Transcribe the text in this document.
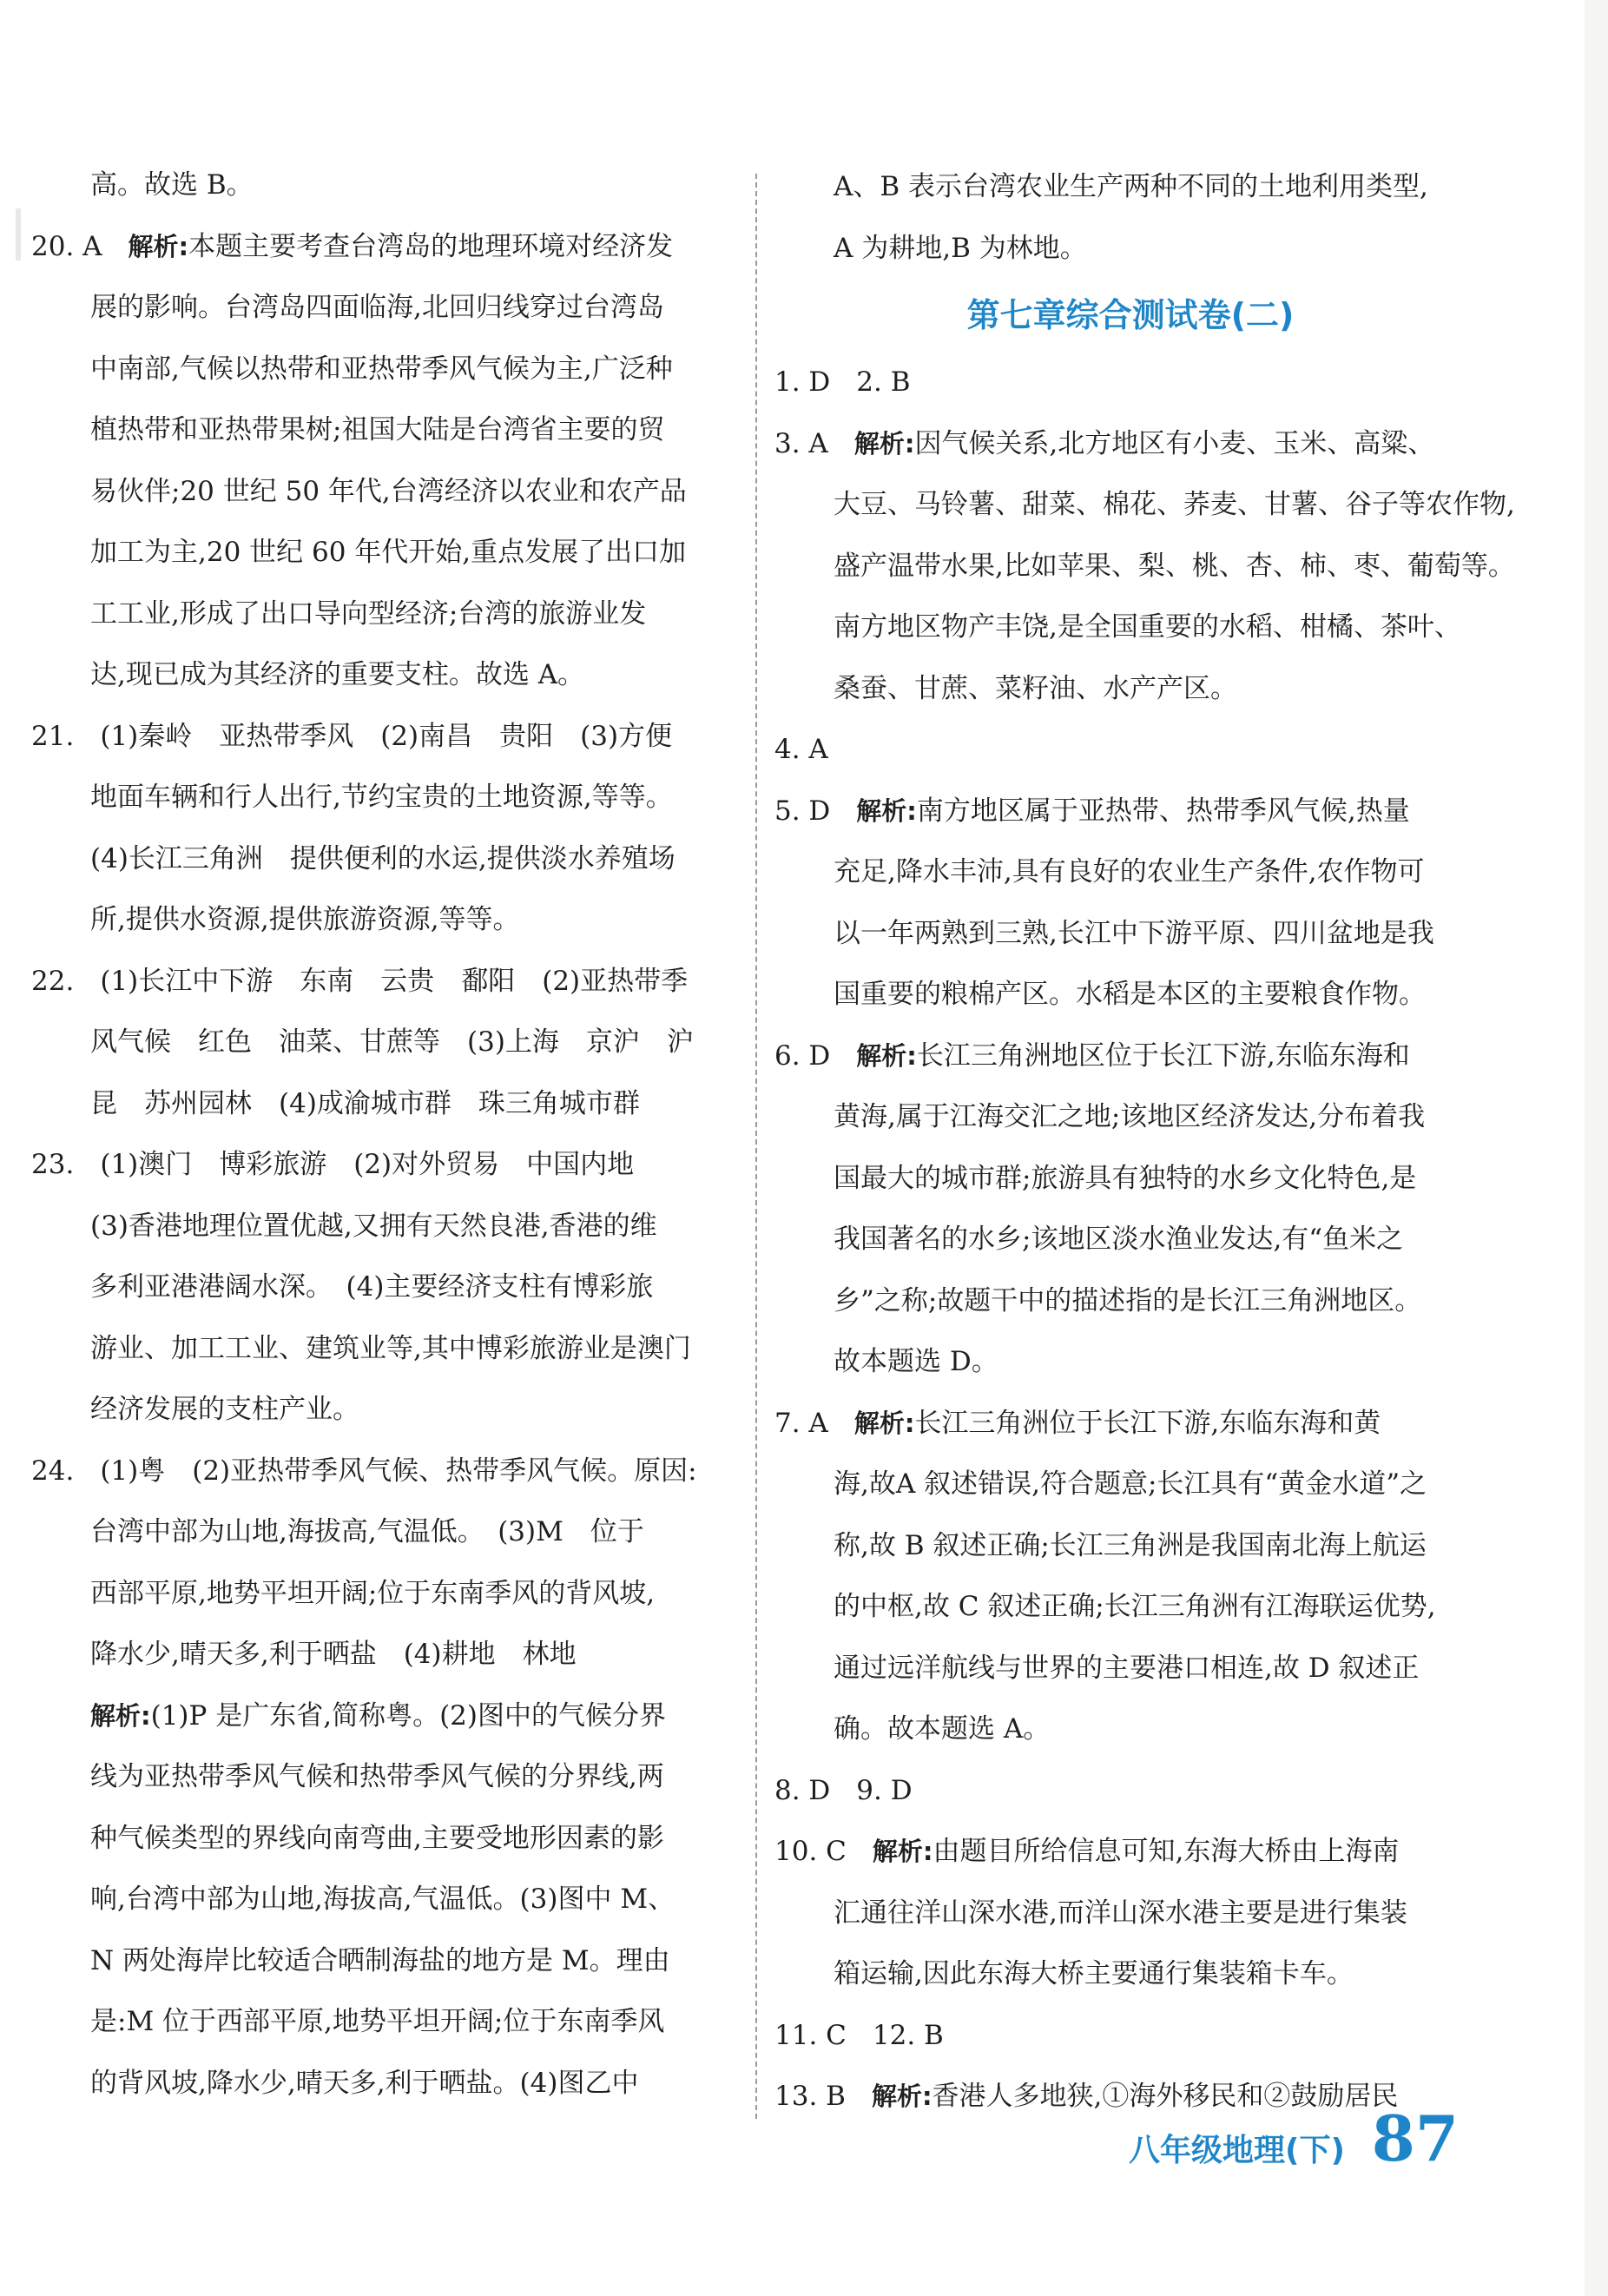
高。故选 B。
20. A 解析:本题主要考查台湾岛的地理环境对经济发
展的影响。台湾岛四面临海,北回归线穿过台湾岛
中南部,气候以热带和亚热带季风气候为主,广泛种
植热带和亚热带果树;祖国大陆是台湾省主要的贸
易伙伴;20 世纪 50 年代,台湾经济以农业和农产品
加工为主,20 世纪 60 年代开始,重点发展了出口加
工工业,形成了出口导向型经济;台湾的旅游业发
达,现已成为其经济的重要支柱。故选 A。
21. (1)秦岭　亚热带季风　(2)南昌　贵阳　(3)方便
地面车辆和行人出行,节约宝贵的土地资源,等等。
(4)长江三角洲　提供便利的水运,提供淡水养殖场
所,提供水资源,提供旅游资源,等等。
22. (1)长江中下游　东南　云贵　鄱阳　(2)亚热带季
风气候　红色　油菜、甘蔗等　(3)上海　京沪　沪
昆　苏州园林　(4)成渝城市群　珠三角城市群
23. (1)澳门　博彩旅游　(2)对外贸易　中国内地
(3)香港地理位置优越,又拥有天然良港,香港的维
多利亚港港阔水深。　(4)主要经济支柱有博彩旅
游业、加工工业、建筑业等,其中博彩旅游业是澳门
经济发展的支柱产业。
24. (1)粤　(2)亚热带季风气候、热带季风气候。原因:
台湾中部为山地,海拔高,气温低。　(3)M　位于
西部平原,地势平坦开阔;位于东南季风的背风坡,
降水少,晴天多,利于晒盐　(4)耕地　林地
解析:(1)P 是广东省,简称粤。(2)图中的气候分界
线为亚热带季风气候和热带季风气候的分界线,两
种气候类型的界线向南弯曲,主要受地形因素的影
响,台湾中部为山地,海拔高,气温低。(3)图中 M、
N 两处海岸比较适合晒制海盐的地方是 M。理由
是:M 位于西部平原,地势平坦开阔;位于东南季风
的背风坡,降水少,晴天多,利于晒盐。(4)图乙中
A、B 表示台湾农业生产两种不同的土地利用类型,
A 为耕地,B 为林地。
第七章综合测试卷(二)
1. D 2. B
3. A 解析:因气候关系,北方地区有小麦、玉米、高粱、
大豆、马铃薯、甜菜、棉花、荞麦、甘薯、谷子等农作物,
盛产温带水果,比如苹果、梨、桃、杏、柿、枣、葡萄等。
南方地区物产丰饶,是全国重要的水稻、柑橘、茶叶、
桑蚕、甘蔗、菜籽油、水产产区。
4. A
5. D 解析:南方地区属于亚热带、热带季风气候,热量
充足,降水丰沛,具有良好的农业生产条件,农作物可
以一年两熟到三熟,长江中下游平原、四川盆地是我
国重要的粮棉产区。水稻是本区的主要粮食作物。
6. D 解析:长江三角洲地区位于长江下游,东临东海和
黄海,属于江海交汇之地;该地区经济发达,分布着我
国最大的城市群;旅游具有独特的水乡文化特色,是
我国著名的水乡;该地区淡水渔业发达,有“鱼米之
乡”之称;故题干中的描述指的是长江三角洲地区。
故本题选 D。
7. A 解析:长江三角洲位于长江下游,东临东海和黄
海,故A 叙述错误,符合题意;长江具有“黄金水道”之
称,故 B 叙述正确;长江三角洲是我国南北海上航运
的中枢,故 C 叙述正确;长江三角洲有江海联运优势,
通过远洋航线与世界的主要港口相连,故 D 叙述正
确。故本题选 A。
8. D 9. D
10. C 解析:由题目所给信息可知,东海大桥由上海南
汇通往洋山深水港,而洋山深水港主要是进行集装
箱运输,因此东海大桥主要通行集装箱卡车。
11. C 12. B
13. B 解析:香港人多地狭,①海外移民和②鼓励居民
八年级地理(下) 87
